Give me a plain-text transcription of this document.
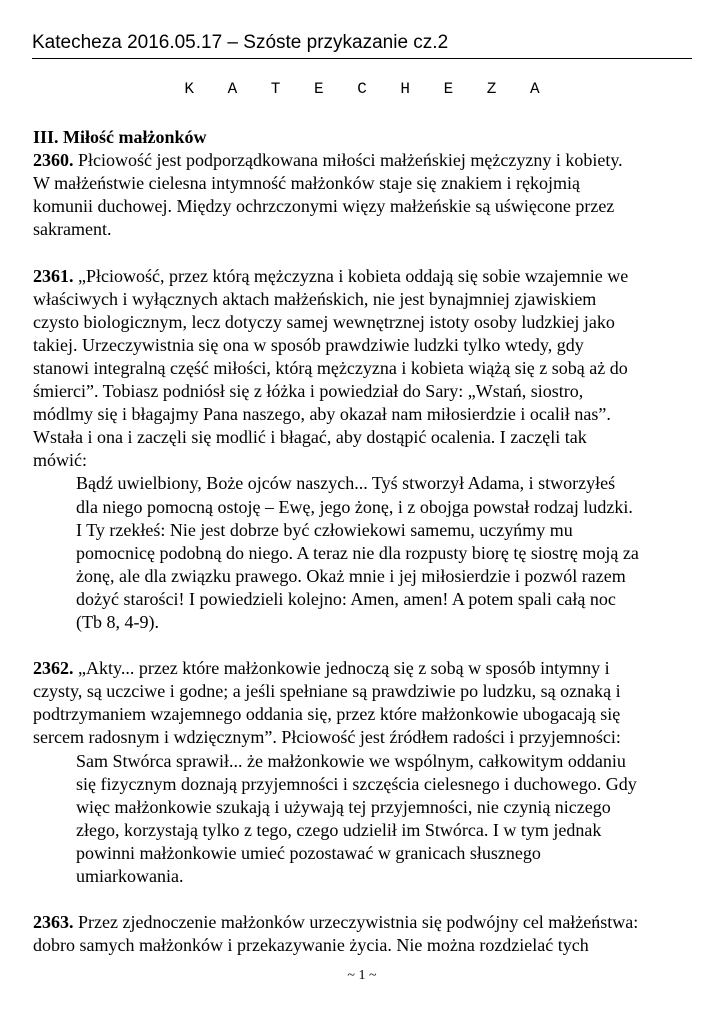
Katecheza 2016.05.17 – Szóste przykazanie cz.2
K A T E C H E Z A
III. Miłość małżonków
2360. Płciowość jest podporządkowana miłości małżeńskiej mężczyzny i kobiety.
W małżeństwie cielesna intymność małżonków staje się znakiem i rękojmią
komunii duchowej. Między ochrzczonymi więzy małżeńskie są uświęcone przez
sakrament.
2361. „Płciowość, przez którą mężczyzna i kobieta oddają się sobie wzajemnie we
właściwych i wyłącznych aktach małżeńskich, nie jest bynajmniej zjawiskiem
czysto biologicznym, lecz dotyczy samej wewnętrznej istoty osoby ludzkiej jako
takiej. Urzeczywistnia się ona w sposób prawdziwie ludzki tylko wtedy, gdy
stanowi integralną część miłości, którą mężczyzna i kobieta wiążą się z sobą aż do
śmierci”. Tobiasz podniósł się z łóżka i powiedział do Sary: „Wstań, siostro,
módlmy się i błagajmy Pana naszego, aby okazał nam miłosierdzie i ocalił nas”.
Wstała i ona i zaczęli się modlić i błagać, aby dostąpić ocalenia. I zaczęli tak
mówić:
Bądź uwielbiony, Boże ojców naszych... Tyś stworzył Adama, i stworzyłeś
dla niego pomocną ostoję – Ewę, jego żonę, i z obojga powstał rodzaj ludzki.
I Ty rzekłeś: Nie jest dobrze być człowiekowi samemu, uczyńmy mu
pomocnicę podobną do niego. A teraz nie dla rozpusty biorę tę siostrę moją za
żonę, ale dla związku prawego. Okaż mnie i jej miłosierdzie i pozwól razem
dożyć starości! I powiedzieli kolejno: Amen, amen! A potem spali całą noc
(Tb 8, 4-9).
2362. „Akty... przez które małżonkowie jednoczą się z sobą w sposób intymny i
czysty, są uczciwe i godne; a jeśli spełniane są prawdziwie po ludzku, są oznaką i
podtrzymaniem wzajemnego oddania się, przez które małżonkowie ubogacają się
sercem radosnym i wdzięcznym”. Płciowość jest źródłem radości i przyjemności:
Sam Stwórca sprawił... że małżonkowie we wspólnym, całkowitym oddaniu
się fizycznym doznają przyjemności i szczęścia cielesnego i duchowego. Gdy
więc małżonkowie szukają i używają tej przyjemności, nie czynią niczego
złego, korzystają tylko z tego, czego udzielił im Stwórca. I w tym jednak
powinni małżonkowie umieć pozostawać w granicach słusznego
umiarkowania.
2363. Przez zjednoczenie małżonków urzeczywistnia się podwójny cel małżeństwa:
dobro samych małżonków i przekazywanie życia. Nie można rozdzielać tych
~ 1 ~
